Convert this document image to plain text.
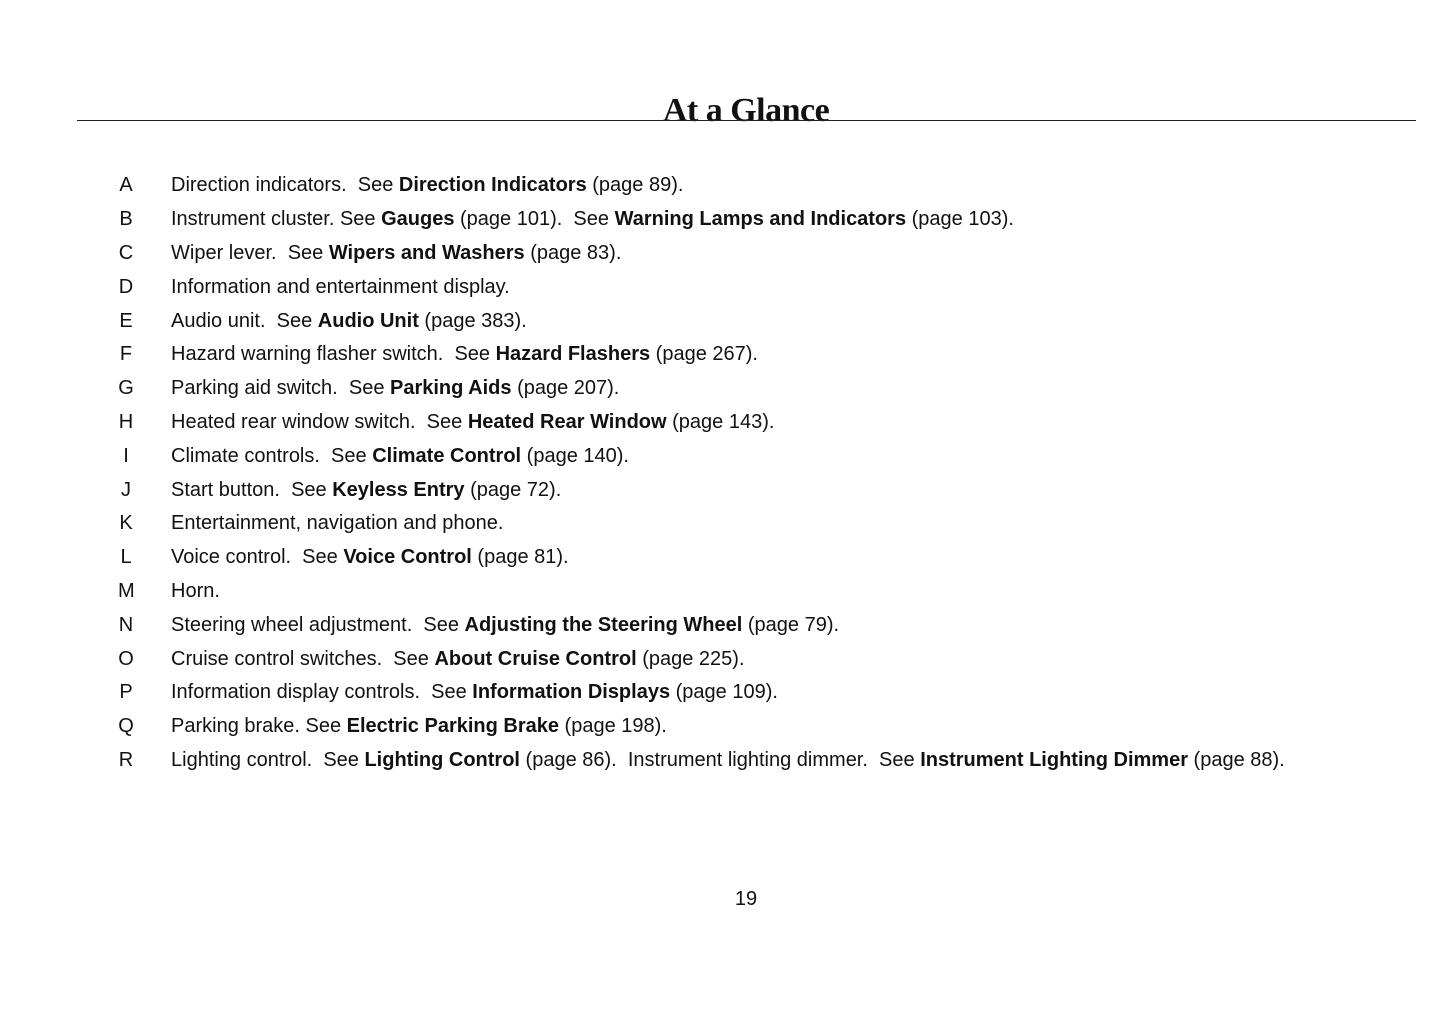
At a Glance
A	Direction indicators.  See Direction Indicators (page 89).
B	Instrument cluster. See Gauges (page 101).  See Warning Lamps and Indicators (page 103).
C	Wiper lever.  See Wipers and Washers (page 83).
D	Information and entertainment display.
E	Audio unit.  See Audio Unit (page 383).
F	Hazard warning flasher switch.  See Hazard Flashers (page 267).
G	Parking aid switch.  See Parking Aids (page 207).
H	Heated rear window switch.  See Heated Rear Window (page 143).
I	Climate controls.  See Climate Control (page 140).
J	Start button.  See Keyless Entry (page 72).
K	Entertainment, navigation and phone.
L	Voice control.  See Voice Control (page 81).
M	Horn.
N	Steering wheel adjustment.  See Adjusting the Steering Wheel (page 79).
O	Cruise control switches.  See About Cruise Control (page 225).
P	Information display controls.  See Information Displays (page 109).
Q	Parking brake. See Electric Parking Brake (page 198).
R	Lighting control.  See Lighting Control (page 86).  Instrument lighting dimmer.  See Instrument Lighting Dimmer (page 88).
19
